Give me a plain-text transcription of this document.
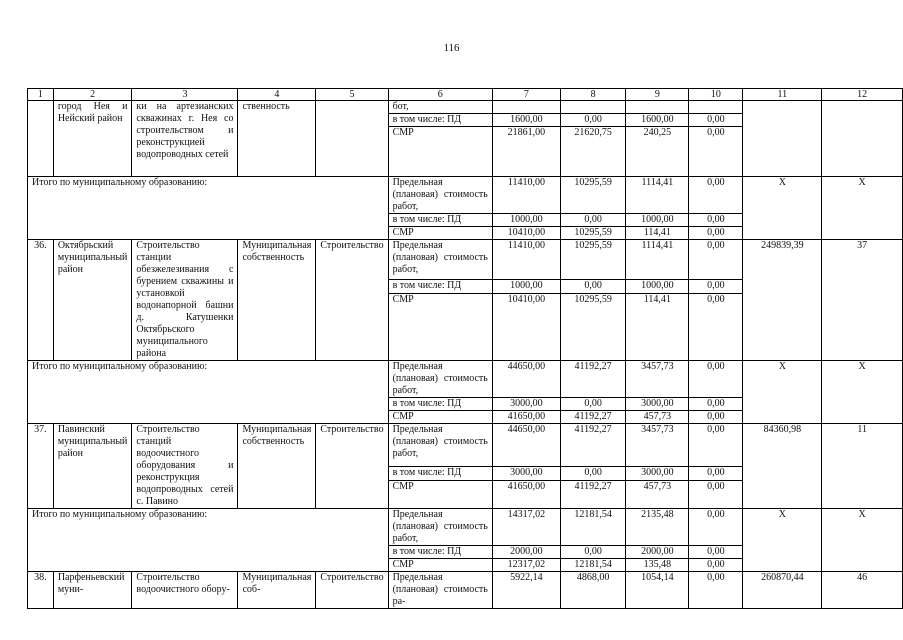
116
1	2	3	4	5	6	7	8	9	10	11	12
	город Нея и Нейский район	ки на артезианских скважинах г. Нея со строительством и реконструкцией водопроводных сетей	ственность		бот,						
					в том числе: ПД	1600,00	0,00	1600,00	0,00		
					СМР	21861,00	21620,75	240,25	0,00		
Итого по муниципальному образованию:					Предельная (плановая) стоимость работ,	11410,00	10295,59	1114,41	0,00	Х	Х
					в том числе: ПД	1000,00	0,00	1000,00	0,00		
					СМР	10410,00	10295,59	114,41	0,00		
36.	Октябрьский муниципальный район	Строительство станции обезжелезивания с бурением скважины и установкой водонапорной башни д. Катушенки Октябрьского муниципального района	Муниципальная собственность	Строительство	Предельная (плановая) стоимость работ,	11410,00	10295,59	1114,41	0,00	249839,39	37
					в том числе: ПД	1000,00	0,00	1000,00	0,00		
					СМР	10410,00	10295,59	114,41	0,00		
Итого по муниципальному образованию:					Предельная (плановая) стоимость работ,	44650,00	41192,27	3457,73	0,00	Х	Х
					в том числе: ПД	3000,00	0,00	3000,00	0,00		
					СМР	41650,00	41192,27	457,73	0,00		
37.	Павинский муниципальный район	Строительство станций водоочистного оборудования и реконструкция водопроводных сетей с. Павино	Муниципальная собственность	Строительство	Предельная (плановая) стоимость работ,	44650,00	41192,27	3457,73	0,00	84360,98	11
					в том числе: ПД	3000,00	0,00	3000,00	0,00		
					СМР	41650,00	41192,27	457,73	0,00		
Итого по муниципальному образованию:					Предельная (плановая) стоимость работ,	14317,02	12181,54	2135,48	0,00	Х	Х
					в том числе: ПД	2000,00	0,00	2000,00	0,00		
					СМР	12317,02	12181,54	135,48	0,00		
38.	Парфеньевский муни-	Строительство водоочистного обору-	Муниципальная соб-	Строительство	Предельная (плановая) стоимость ра-	5922,14	4868,00	1054,14	0,00	260870,44	46
